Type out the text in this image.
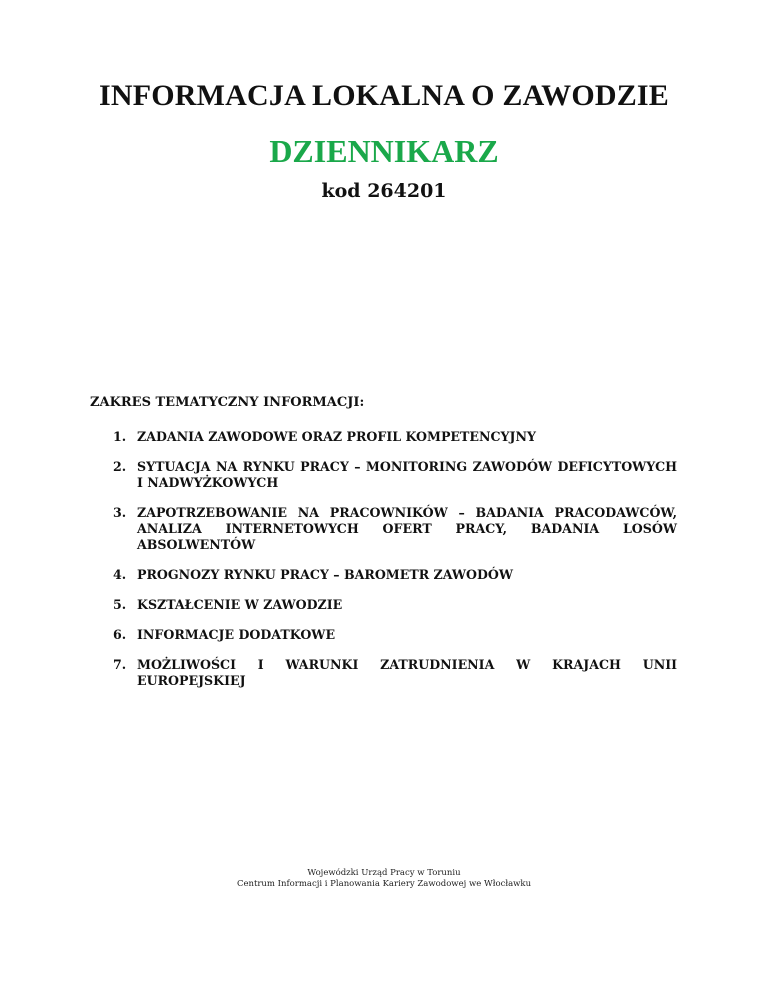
INFORMACJA LOKALNA O ZAWODZIE
DZIENNIKARZ
kod 264201
ZAKRES TEMATYCZNY INFORMACJI:
1. ZADANIA ZAWODOWE ORAZ PROFIL KOMPETENCYJNY
2. SYTUACJA NA RYNKU PRACY – MONITORING ZAWODÓW DEFICYTOWYCH I NADWYŻKOWYCH
3. ZAPOTRZEBOWANIE NA PRACOWNIKÓW – BADANIA PRACODAWCÓW, ANALIZA INTERNETOWYCH OFERT PRACY, BADANIA LOSÓW ABSOLWENTÓW
4. PROGNOZY RYNKU PRACY – BAROMETR ZAWODÓW
5. KSZTAŁCENIE W ZAWODZIE
6. INFORMACJE DODATKOWE
7. MOŻLIWOŚCI I WARUNKI ZATRUDNIENIA W KRAJACH UNII EUROPEJSKIEJ
Wojewódzki Urząd Pracy w Toruniu
Centrum Informacji i Planowania Kariery Zawodowej we Włocławku
